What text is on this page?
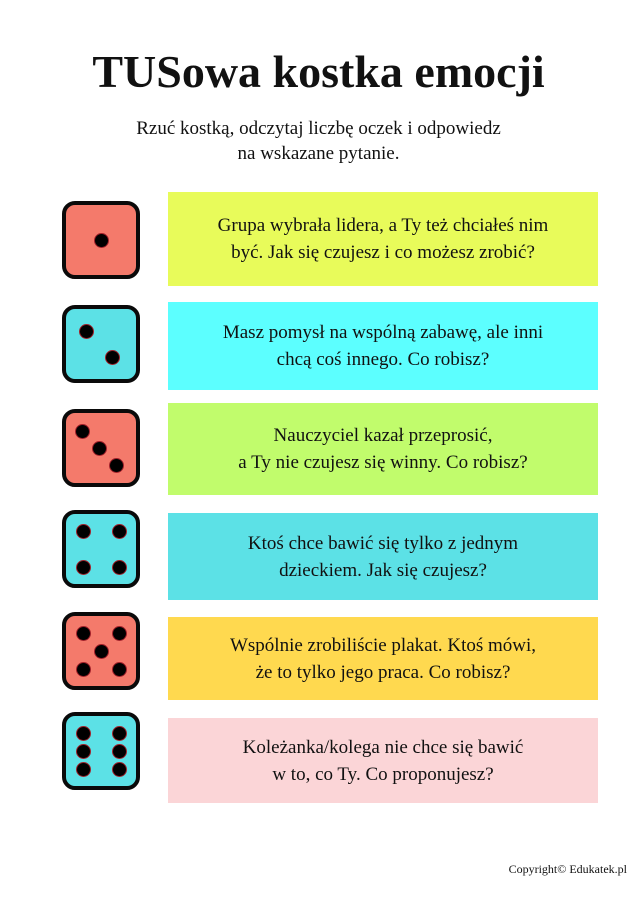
TUSowa kostka emocji
Rzuć kostką, odczytaj liczbę oczek i odpowiedz
na wskazane pytanie.
Grupa wybrała lidera, a Ty też chciałeś nim
być. Jak się czujesz i co możesz zrobić?
Masz pomysł na wspólną zabawę, ale inni
chcą coś innego. Co robisz?
Nauczyciel kazał przeprosić,
a Ty nie czujesz się winny. Co robisz?
Ktoś chce bawić się tylko z jednym
dzieckiem. Jak się czujesz?
Wspólnie zrobiliście plakat. Ktoś mówi,
że to tylko jego praca. Co robisz?
Koleżanka/kolega nie chce się bawić
w to, co Ty. Co proponujesz?
Copyright© Edukatek.pl
